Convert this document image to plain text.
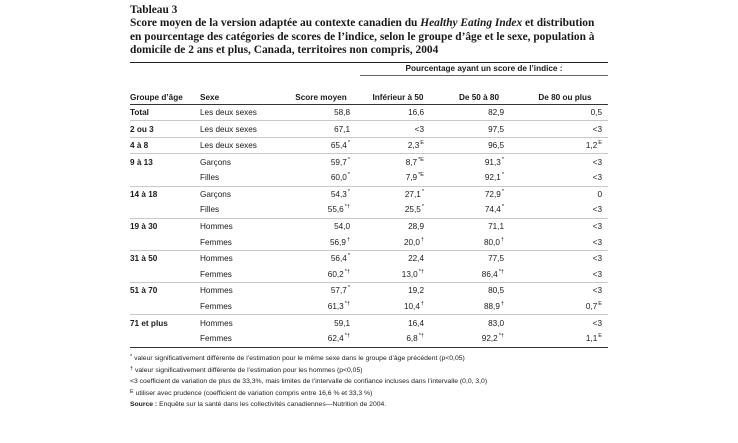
Tableau 3
Score moyen de la version adaptée au contexte canadien du Healthy Eating Index et distribution en pourcentage des catégories de scores de l’indice, selon le groupe d’âge et le sexe, population à domicile de 2 ans et plus, Canada, territoires non compris, 2004
			Pourcentage ayant un score de l’indice :		
Groupe d’âge	Sexe	Score moyen	Inférieur à 50	De 50 à 80	De 80 ou plus
Total	Les deux sexes	58,8	16,6	82,9	0,5
2 ou 3	Les deux sexes	67,1	<3	97,5	<3
4 à 8	Les deux sexes	65,4*	$2,3^E$	96,5	$1,2^E$
9 à 13	Garçons	59,7*	$8,7^{*E}$	91,3*	<3
	Filles	60,0*	$7,9^{*E}$	92,1*	<3
14 à 18	Garçons	54,3*	27,1*	72,9*	0
	Filles	55,6*†	25,5*	74,4*	<3
19 à 30	Hommes	54,0	28,9	71,1	<3
	Femmes	56,9†	20,0†	80,0†	<3
31 à 50	Hommes	56,4*	22,4	77,5	<3
	Femmes	60,2*†	13,0*†	86,4*†	<3
51 à 70	Hommes	57,7*	19,2	80,5	<3
	Femmes	61,3*†	10,4†	88,9†	$0,7^E$
71 et plus	Hommes	59,1	16,4	83,0	<3
	Femmes	62,4*†	6,8*†	92,2*†	$1,1^E$
* valeur significativement différente de l’estimation pour le même sexe dans le groupe d’âge précédent (p<0,05)
† valeur significativement différente de l’estimation pour les hommes (p<0,05)
<3 coefficient de variation de plus de 33,3%, mais limites de l’intervalle de confiance incluses dans l’intervalle (0,0, 3,0)
$^E$ utiliser avec prudence (coefficient de variation compris entre 16,6 % et 33,3 %)
Source : Enquête sur la santé dans les collectivités canadiennes—Nutrition de 2004.
